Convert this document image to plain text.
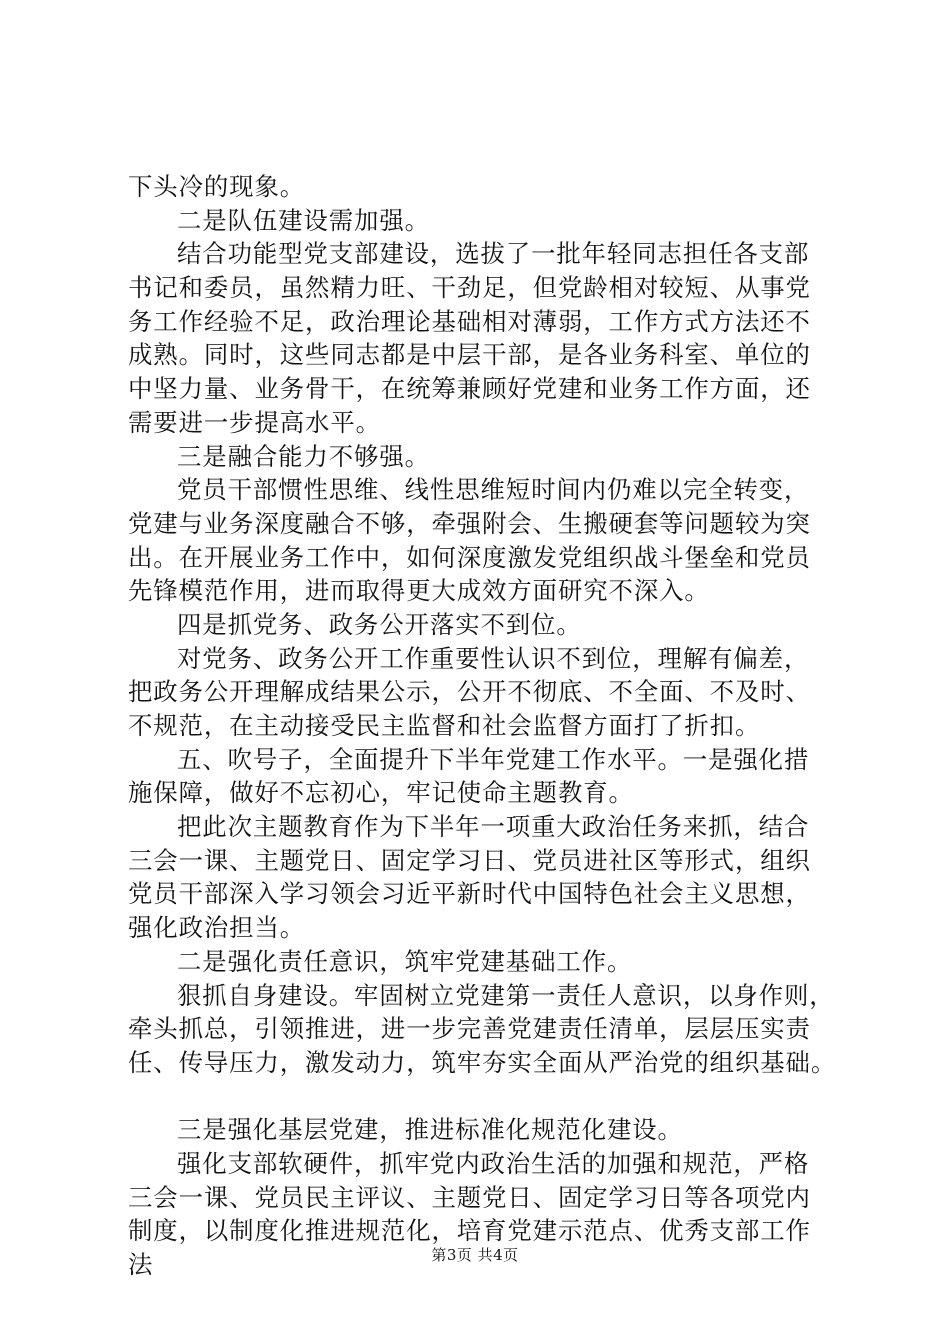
下头冷的现象。
二是队伍建设需加强。
结合功能型党支部建设，选拔了一批年轻同志担任各支部
书记和委员，虽然精力旺、干劲足，但党龄相对较短、从事党
务工作经验不足，政治理论基础相对薄弱，工作方式方法还不
成熟。同时，这些同志都是中层干部，是各业务科室、单位的
中坚力量、业务骨干，在统筹兼顾好党建和业务工作方面，还
需要进一步提高水平。
三是融合能力不够强。
党员干部惯性思维、线性思维短时间内仍难以完全转变，
党建与业务深度融合不够，牵强附会、生搬硬套等问题较为突
出。在开展业务工作中，如何深度激发党组织战斗堡垒和党员
先锋模范作用，进而取得更大成效方面研究不深入。
四是抓党务、政务公开落实不到位。
对党务、政务公开工作重要性认识不到位，理解有偏差，
把政务公开理解成结果公示，公开不彻底、不全面、不及时、
不规范，在主动接受民主监督和社会监督方面打了折扣。
五、吹号子，全面提升下半年党建工作水平。一是强化措
施保障，做好不忘初心，牢记使命主题教育。
把此次主题教育作为下半年一项重大政治任务来抓，结合
三会一课、主题党日、固定学习日、党员进社区等形式，组织
党员干部深入学习领会习近平新时代中国特色社会主义思想，
强化政治担当。
二是强化责任意识，筑牢党建基础工作。
狠抓自身建设。牢固树立党建第一责任人意识，以身作则，
牵头抓总，引领推进，进一步完善党建责任清单，层层压实责
任、传导压力，激发动力，筑牢夯实全面从严治党的组织基础。
三是强化基层党建，推进标准化规范化建设。
强化支部软硬件，抓牢党内政治生活的加强和规范，严格
三会一课、党员民主评议、主题党日、固定学习日等各项党内
制度，以制度化推进规范化，培育党建示范点、优秀支部工作
法	第3页 共4页
